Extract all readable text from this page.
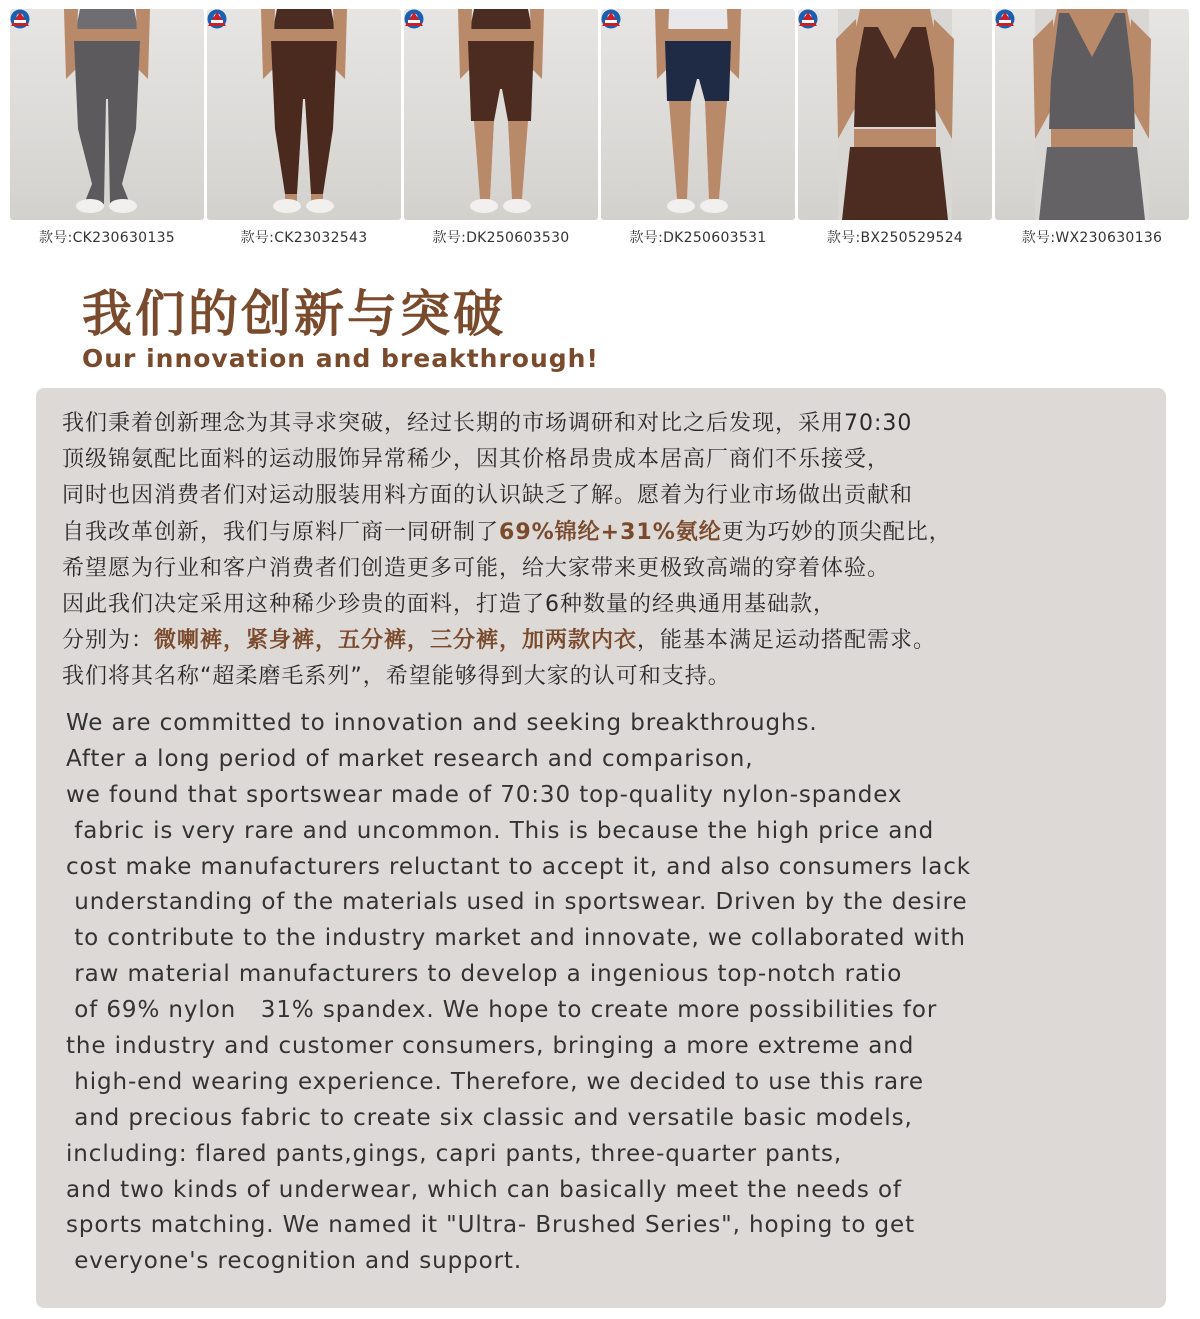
款号:CK230630135	款号:CK23032543	款号:DK250603530	款号:DK250603531	款号:BX250529524	款号:WX230630136
我们的创新与突破
Our innovation and breakthrough!
我们秉着创新理念为其寻求突破，经过长期的市场调研和对比之后发现，采用70:30
顶级锦氨配比面料的运动服饰异常稀少，因其价格昂贵成本居高厂商们不乐接受，
同时也因消费者们对运动服装用料方面的认识缺乏了解。愿着为行业市场做出贡献和
自我改革创新，我们与原料厂商一同研制了69%锦纶+31%氨纶更为巧妙的顶尖配比，
希望愿为行业和客户消费者们创造更多可能，给大家带来更极致高端的穿着体验。
因此我们决定采用这种稀少珍贵的面料，打造了6种数量的经典通用基础款，
分别为：微喇裤，紧身裤，五分裤，三分裤，加两款内衣，能基本满足运动搭配需求。
我们将其名称“超柔磨毛系列”，希望能够得到大家的认可和支持。
We are committed to innovation and seeking breakthroughs.
After a long period of market research and comparison,
we found that sportswear made of 70:30 top-quality nylon-spandex
fabric is very rare and uncommon. This is because the high price and
cost make manufacturers reluctant to accept it, and also consumers lack
understanding of the materials used in sportswear. Driven by the desire
to contribute to the industry market and innovate, we collaborated with
raw material manufacturers to develop a ingenious top-notch ratio
of 69% nylon   31% spandex. We hope to create more possibilities for
the industry and customer consumers, bringing a more extreme and
high-end wearing experience. Therefore, we decided to use this rare
and precious fabric to create six classic and versatile basic models,
including: flared pants,gings, capri pants, three-quarter pants,
and two kinds of underwear, which can basically meet the needs of
sports matching. We named it "Ultra- Brushed Series", hoping to get
everyone's recognition and support.
